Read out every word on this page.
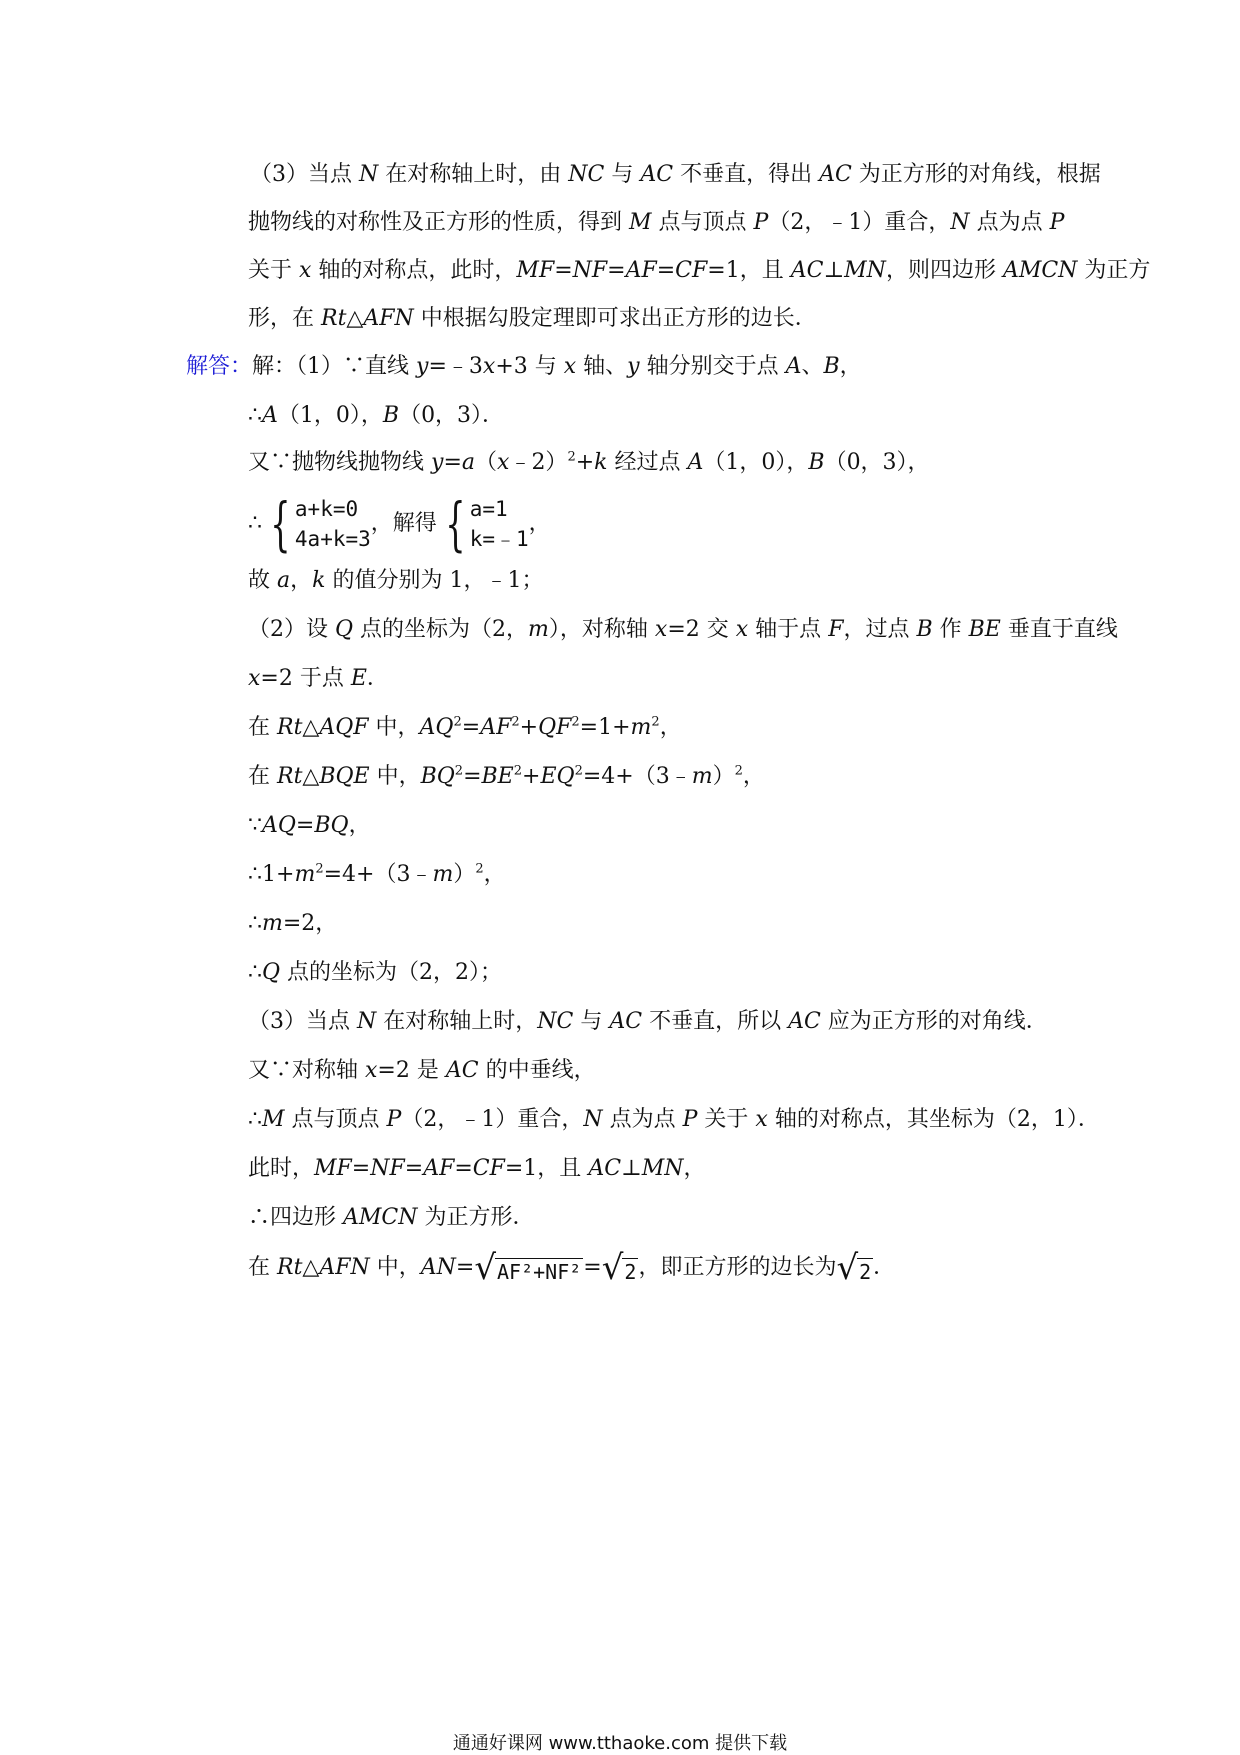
（3）当点 N 在对称轴上时，由 NC 与 AC 不垂直，得出 AC 为正方形的对角线，根据
抛物线的对称性及正方形的性质，得到 M 点与顶点 P（2，﹣1）重合，N 点为点 P
关于 x 轴的对称点，此时，MF=NF=AF=CF=1，且 AC⊥MN，则四边形 AMCN 为正方
形，在 Rt△AFN 中根据勾股定理即可求出正方形的边长．
解答：解：（1）∵直线 y=﹣3x+3 与 x 轴、y 轴分别交于点 A、B，
∴A（1，0），B（0，3）．
又∵抛物线抛物线 y=a（x﹣2）$^2$+k 经过点 A（1，0），B（0，3），
∴ { a+k=0
4a+k=3
，解得 { a=1
k=﹣1
，
故 a，k 的值分别为 1，﹣1；
（2）设 Q 点的坐标为（2，m），对称轴 x=2 交 x 轴于点 F，过点 B 作 BE 垂直于直线
x=2 于点 E．
在 Rt△AQF 中，$AQ^2=AF^2+QF^2=1+m^2$，
在 Rt△BQE 中，$BQ^2=BE^2+EQ^2=4+(3﹣m)^2$，
∵AQ=BQ，
$\therefore 1+m^2=4+(3﹣m)^2$，
∴m=2，
∴Q 点的坐标为（2，2）；
（3）当点 N 在对称轴上时，NC 与 AC 不垂直，所以 AC 应为正方形的对角线．
又∵对称轴 x=2 是 AC 的中垂线，
∴M 点与顶点 P（2，﹣1）重合，N 点为点 P 关于 x 轴的对称点，其坐标为（2，1）．
此时，MF=NF=AF=CF=1，且 AC⊥MN，
∴四边形 AMCN 为正方形．
在 Rt△AFN 中，AN= √ AF²+NF² = √ 2 ，即正方形的边长为 √ 2 ．
通通好课网 www.tthaoke.com 提供下载
